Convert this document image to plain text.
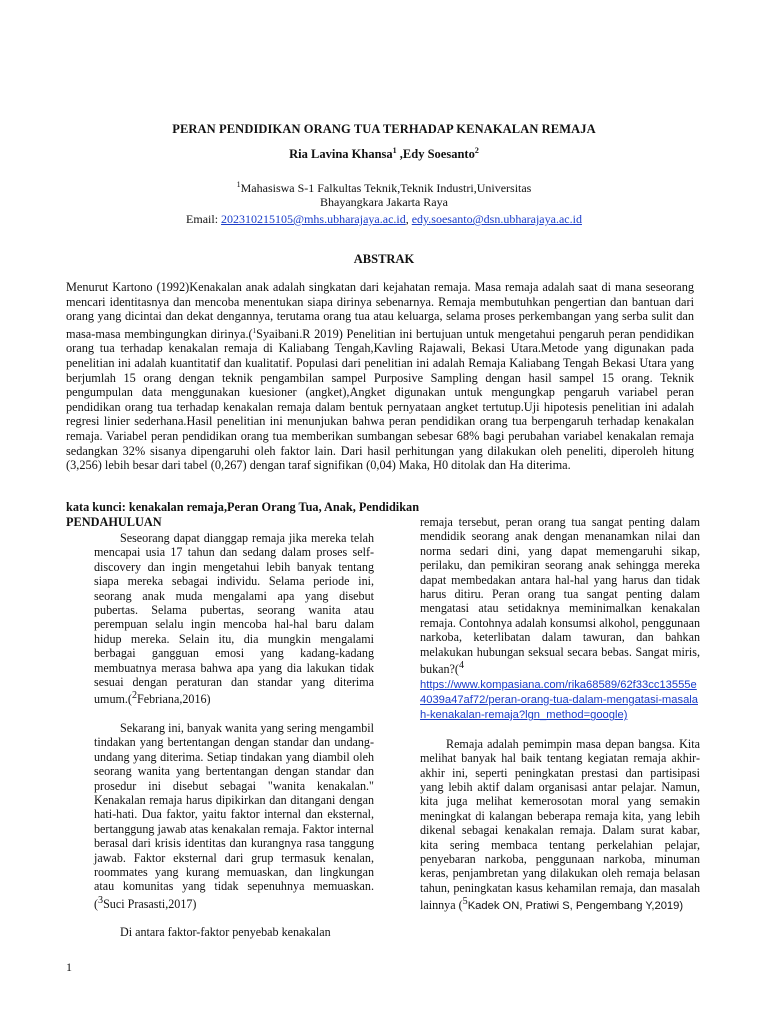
PERAN PENDIDIKAN ORANG TUA TERHADAP KENAKALAN REMAJA
Ria Lavina Khansa$^1$ ,Edy Soesanto$^2$
$^1$Mahasiswa S-1 Falkultas Teknik,Teknik Industri,Universitas
Bhayangkara Jakarta Raya
Email: 202310215105@mhs.ubharajaya.ac.id, edy.soesanto@dsn.ubharajaya.ac.id
ABSTRAK
Menurut Kartono (1992)Kenakalan anak adalah singkatan dari kejahatan remaja. Masa remaja adalah saat di mana seseorang mencari identitasnya dan mencoba menentukan siapa dirinya sebenarnya. Remaja membutuhkan pengertian dan bantuan dari orang yang dicintai dan dekat dengannya, terutama orang tua atau keluarga, selama proses perkembangan yang serba sulit dan masa-masa membingungkan dirinya.($^1$Syaibani.R 2019) Penelitian ini bertujuan untuk mengetahui pengaruh peran pendidikan orang tua terhadap kenakalan remaja di Kaliabang Tengah,Kavling Rajawali, Bekasi Utara.Metode yang digunakan pada penelitian ini adalah kuantitatif dan kualitatif. Populasi dari penelitian ini adalah Remaja Kaliabang Tengah Bekasi Utara yang berjumlah 15 orang dengan teknik pengambilan sampel Purposive Sampling dengan hasil sampel 15 orang. Teknik pengumpulan data menggunakan kuesioner (angket),Angket digunakan untuk mengungkap pengaruh variabel peran pendidikan orang tua terhadap kenakalan remaja dalam bentuk pernyataan angket tertutup.Uji hipotesis penelitian ini adalah regresi linier sederhana.Hasil penelitian ini menunjukan bahwa peran pendidikan orang tua berpengaruh terhadap kenakalan remaja. Variabel peran pendidikan orang tua memberikan sumbangan sebesar 68% bagi perubahan variabel kenakalan remaja sedangkan 32% sisanya dipengaruhi oleh faktor lain. Dari hasil perhitungan yang dilakukan oleh peneliti, diperoleh hitung (3,256) lebih besar dari tabel (0,267) dengan taraf signifikan (0,04) Maka, H0 ditolak dan Ha diterima.
kata kunci: kenakalan remaja,Peran Orang Tua, Anak, Pendidikan
PENDAHULUAN

Seseorang dapat dianggap remaja jika mereka telah mencapai usia 17 tahun dan sedang dalam proses self-discovery dan ingin mengetahui lebih banyak tentang siapa mereka sebagai individu. Selama periode ini, seorang anak muda mengalami apa yang disebut pubertas. Selama pubertas, seorang wanita atau perempuan selalu ingin mencoba hal-hal baru dalam hidup mereka. Selain itu, dia mungkin mengalami berbagai gangguan emosi yang kadang-kadang membuatnya merasa bahwa apa yang dia lakukan tidak sesuai dengan peraturan dan standar yang diterima umum.($^2$Febriana,2016)

Sekarang ini, banyak wanita yang sering mengambil tindakan yang bertentangan dengan standar dan undang-undang yang diterima. Setiap tindakan yang diambil oleh seorang wanita yang bertentangan dengan standar dan prosedur ini disebut sebagai "wanita kenakalan." Kenakalan remaja harus dipikirkan dan ditangani dengan hati-hati. Dua faktor, yaitu faktor internal dan eksternal, bertanggung jawab atas kenakalan remaja. Faktor internal berasal dari krisis identitas dan kurangnya rasa tanggung jawab. Faktor eksternal dari grup termasuk kenalan, roommates yang kurang memuaskan, dan lingkungan atau komunitas yang tidak sepenuhnya memuaskan. ($^3$Suci Prasasti,2017)

Di antara faktor-faktor penyebab kenakalan

remaja tersebut, peran orang tua sangat penting dalam mendidik seorang anak dengan menanamkan nilai dan norma sedari dini, yang dapat memengaruhi sikap, perilaku, dan pemikiran seorang anak sehingga mereka dapat membedakan antara hal-hal yang harus dan tidak harus ditiru. Peran orang tua sangat penting dalam mengatasi atau setidaknya meminimalkan kenakalan remaja. Contohnya adalah konsumsi alkohol, penggunaan narkoba, keterlibatan dalam tawuran, dan bahkan melakukan hubungan seksual secara bebas. Sangat miris, bukan?($^4$
https://www.kompasiana.com/rika68589/62f33cc13555e4039a47af72/peran-orang-tua-dalam-mengatasi-masalah-kenakalan-remaja?lgn_method=google)

Remaja adalah pemimpin masa depan bangsa. Kita melihat banyak hal baik tentang kegiatan remaja akhir-akhir ini, seperti peningkatan prestasi dan partisipasi yang lebih aktif dalam organisasi antar pelajar. Namun, kita juga melihat kemerosotan moral yang semakin meningkat di kalangan beberapa remaja kita, yang lebih dikenal sebagai kenakalan remaja. Dalam surat kabar, kita sering membaca tentang perkelahian pelajar, penyebaran narkoba, penggunaan narkoba, minuman keras, penjambretan yang dilakukan oleh remaja belasan tahun, peningkatan kasus kehamilan remaja, dan masalah lainnya ($^5$Kadek ON, Pratiwi S, Pengembang Y,2019)

1
